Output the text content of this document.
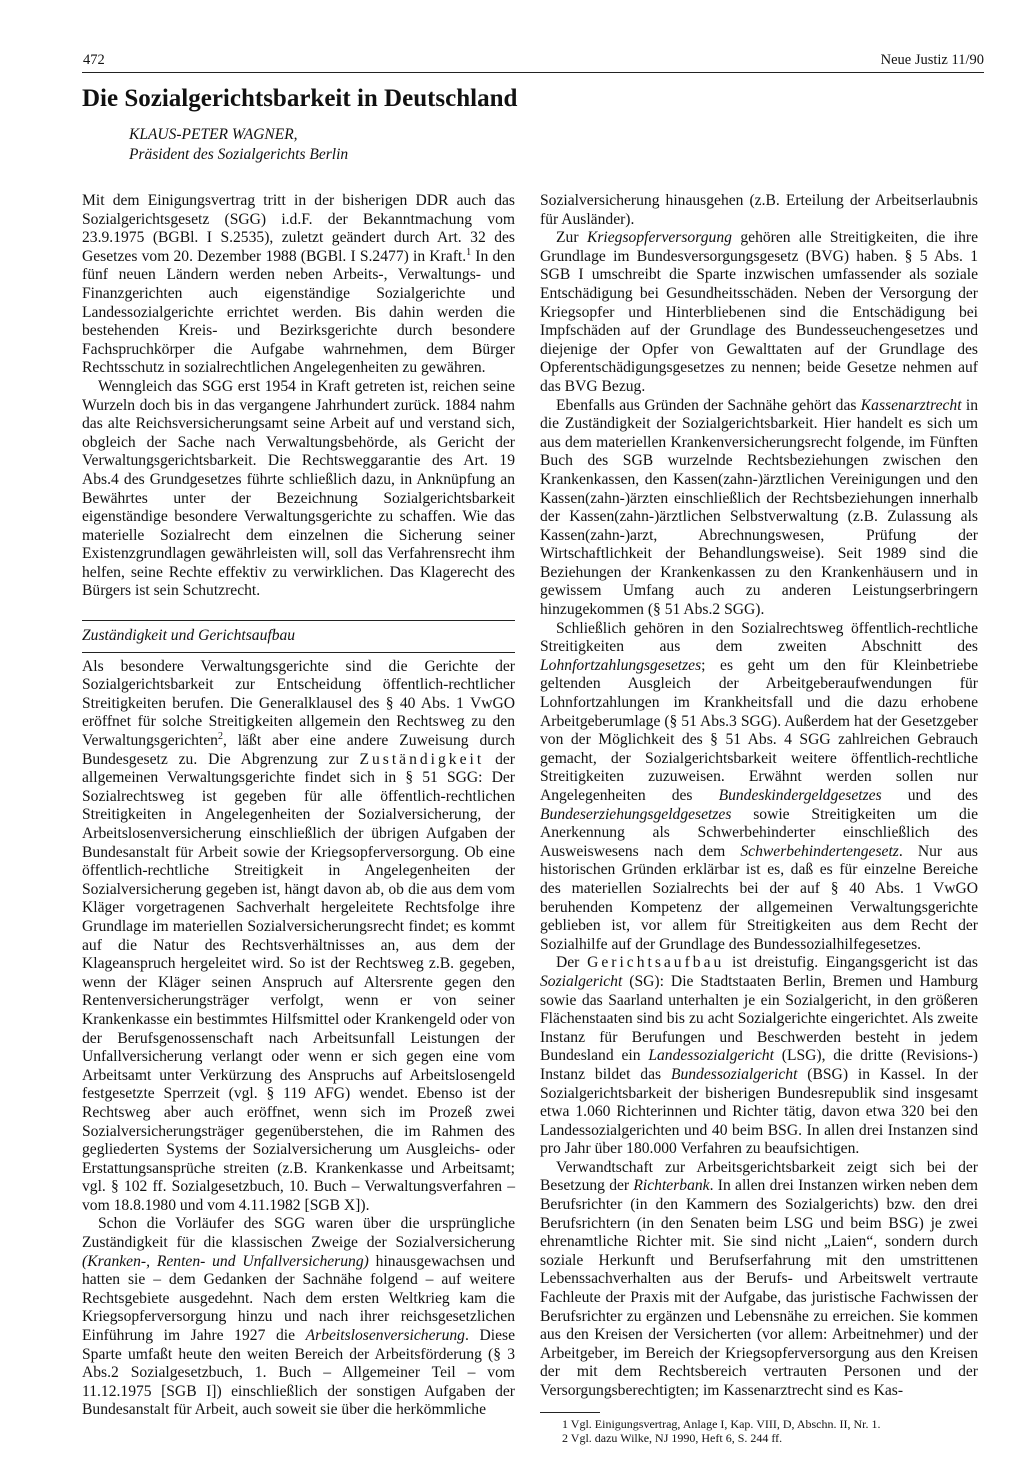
472	Neue Justiz 11/90
Die Sozialgerichtsbarkeit in Deutschland
KLAUS-PETER WAGNER,
Präsident des Sozialgerichts Berlin

Mit dem Einigungsvertrag tritt in der bisherigen DDR auch das Sozialgerichtsgesetz (SGG) i.d.F. der Bekanntmachung vom 23.9.1975 (BGBl. I S.2535), zuletzt geändert durch Art. 32 des Gesetzes vom 20. Dezember 1988 (BGBl. I S.2477) in Kraft.$^1$ In den fünf neuen Ländern werden neben Arbeits-, Verwaltungs- und Finanzgerichten auch eigenständige Sozialgerichte und Landessozialgerichte errichtet werden. Bis dahin werden die bestehenden Kreis- und Bezirksgerichte durch besondere Fachspruchkörper die Aufgabe wahrnehmen, dem Bürger Rechtsschutz in sozialrechtlichen Angelegenheiten zu gewähren.

Wenngleich das SGG erst 1954 in Kraft getreten ist, reichen seine Wurzeln doch bis in das vergangene Jahrhundert zurück. 1884 nahm das alte Reichsversicherungsamt seine Arbeit auf und verstand sich, obgleich der Sache nach Verwaltungsbehörde, als Gericht der Verwaltungsgerichtsbarkeit. Die Rechtsweggarantie des Art. 19 Abs.4 des Grundgesetzes führte schließlich dazu, in Anknüpfung an Bewährtes unter der Bezeichnung Sozialgerichtsbarkeit eigenständige besondere Verwaltungsgerichte zu schaffen. Wie das materielle Sozialrecht dem einzelnen die Sicherung seiner Existenzgrundlagen gewährleisten will, soll das Verfahrensrecht ihm helfen, seine Rechte effektiv zu verwirklichen. Das Klagerecht des Bürgers ist sein Schutzrecht.

Zuständigkeit und Gerichtsaufbau

Als besondere Verwaltungsgerichte sind die Gerichte der Sozialgerichtsbarkeit zur Entscheidung öffentlich-rechtlicher Streitigkeiten berufen. Die Generalklausel des § 40 Abs. 1 VwGO eröffnet für solche Streitigkeiten allgemein den Rechtsweg zu den Verwaltungsgerichten$^2$, läßt aber eine andere Zuweisung durch Bundesgesetz zu. Die Abgrenzung zur Zuständigkeit der allgemeinen Verwaltungsgerichte findet sich in § 51 SGG: Der Sozialrechtsweg ist gegeben für alle öffentlich-rechtlichen Streitigkeiten in Angelegenheiten der Sozialversicherung, der Arbeitslosenversicherung einschließlich der übrigen Aufgaben der Bundesanstalt für Arbeit sowie der Kriegsopferversorgung. Ob eine öffentlich-rechtliche Streitigkeit in Angelegenheiten der Sozialversicherung gegeben ist, hängt davon ab, ob die aus dem vom Kläger vorgetragenen Sachverhalt hergeleitete Rechtsfolge ihre Grundlage im materiellen Sozialversicherungsrecht findet; es kommt auf die Natur des Rechtsverhältnisses an, aus dem der Klageanspruch hergeleitet wird. So ist der Rechtsweg z.B. gegeben, wenn der Kläger seinen Anspruch auf Altersrente gegen den Rentenversicherungsträger verfolgt, wenn er von seiner Krankenkasse ein bestimmtes Hilfsmittel oder Krankengeld oder von der Berufsgenossenschaft nach Arbeitsunfall Leistungen der Unfallversicherung verlangt oder wenn er sich gegen eine vom Arbeitsamt unter Verkürzung des Anspruchs auf Arbeitslosengeld festgesetzte Sperrzeit (vgl. § 119 AFG) wendet. Ebenso ist der Rechtsweg aber auch eröffnet, wenn sich im Prozeß zwei Sozialversicherungsträger gegenüberstehen, die im Rahmen des gegliederten Systems der Sozialversicherung um Ausgleichs- oder Erstattungsansprüche streiten (z.B. Krankenkasse und Arbeitsamt; vgl. § 102 ff. Sozialgesetzbuch, 10. Buch – Verwaltungsverfahren – vom 18.8.1980 und vom 4.11.1982 [SGB X]).

Schon die Vorläufer des SGG waren über die ursprüngliche Zuständigkeit für die klassischen Zweige der Sozialversicherung (Kranken-, Renten- und Unfallversicherung) hinausgewachsen und hatten sie – dem Gedanken der Sachnähe folgend – auf weitere Rechtsgebiete ausgedehnt. Nach dem ersten Weltkrieg kam die Kriegsopferversorgung hinzu und nach ihrer reichsgesetzlichen Einführung im Jahre 1927 die Arbeitslosenversicherung. Diese Sparte umfaßt heute den weiten Bereich der Arbeitsförderung (§ 3 Abs.2 Sozialgesetzbuch, 1. Buch – Allgemeiner Teil – vom 11.12.1975 [SGB I]) einschließlich der sonstigen Aufgaben der Bundesanstalt für Arbeit, auch soweit sie über die herkömmliche

Sozialversicherung hinausgehen (z.B. Erteilung der Arbeitserlaubnis für Ausländer).

Zur Kriegsopferversorgung gehören alle Streitigkeiten, die ihre Grundlage im Bundesversorgungsgesetz (BVG) haben. § 5 Abs. 1 SGB I umschreibt die Sparte inzwischen umfassender als soziale Entschädigung bei Gesundheitsschäden. Neben der Versorgung der Kriegsopfer und Hinterbliebenen sind die Entschädigung bei Impfschäden auf der Grundlage des Bundesseuchengesetzes und diejenige der Opfer von Gewalttaten auf der Grundlage des Opferentschädigungsgesetzes zu nennen; beide Gesetze nehmen auf das BVG Bezug.

Ebenfalls aus Gründen der Sachnähe gehört das Kassenarztrecht in die Zuständigkeit der Sozialgerichtsbarkeit. Hier handelt es sich um aus dem materiellen Krankenversicherungsrecht folgende, im Fünften Buch des SGB wurzelnde Rechtsbeziehungen zwischen den Krankenkassen, den Kassen(zahn-)ärztlichen Vereinigungen und den Kassen(zahn-)ärzten einschließlich der Rechtsbeziehungen innerhalb der Kassen(zahn-)ärztlichen Selbstverwaltung (z.B. Zulassung als Kassen(zahn-)arzt, Abrechnungswesen, Prüfung der Wirtschaftlichkeit der Behandlungsweise). Seit 1989 sind die Beziehungen der Krankenkassen zu den Krankenhäusern und in gewissem Umfang auch zu anderen Leistungserbringern hinzugekommen (§ 51 Abs.2 SGG).

Schließlich gehören in den Sozialrechtsweg öffentlich-rechtliche Streitigkeiten aus dem zweiten Abschnitt des Lohnfortzahlungsgesetzes; es geht um den für Kleinbetriebe geltenden Ausgleich der Arbeitgeberaufwendungen für Lohnfortzahlungen im Krankheitsfall und die dazu erhobene Arbeitgeberumlage (§ 51 Abs.3 SGG). Außerdem hat der Gesetzgeber von der Möglichkeit des § 51 Abs. 4 SGG zahlreichen Gebrauch gemacht, der Sozialgerichtsbarkeit weitere öffentlich-rechtliche Streitigkeiten zuzuweisen. Erwähnt werden sollen nur Angelegenheiten des Bundeskindergeldgesetzes und des Bundeserziehungsgeldgesetzes sowie Streitigkeiten um die Anerkennung als Schwerbehinderter einschließlich des Ausweiswesens nach dem Schwerbehindertengesetz. Nur aus historischen Gründen erklärbar ist es, daß es für einzelne Bereiche des materiellen Sozialrechts bei der auf § 40 Abs. 1 VwGO beruhenden Kompetenz der allgemeinen Verwaltungsgerichte geblieben ist, vor allem für Streitigkeiten aus dem Recht der Sozialhilfe auf der Grundlage des Bundessozialhilfegesetzes.

Der Gerichtsaufbau ist dreistufig. Eingangsgericht ist das Sozialgericht (SG): Die Stadtstaaten Berlin, Bremen und Hamburg sowie das Saarland unterhalten je ein Sozialgericht, in den größeren Flächenstaaten sind bis zu acht Sozialgerichte eingerichtet. Als zweite Instanz für Berufungen und Beschwerden besteht in jedem Bundesland ein Landessozialgericht (LSG), die dritte (Revisions-) Instanz bildet das Bundessozialgericht (BSG) in Kassel. In der Sozialgerichtsbarkeit der bisherigen Bundesrepublik sind insgesamt etwa 1.060 Richterinnen und Richter tätig, davon etwa 320 bei den Landessozialgerichten und 40 beim BSG. In allen drei Instanzen sind pro Jahr über 180.000 Verfahren zu beaufsichtigen.

Verwandtschaft zur Arbeitsgerichtsbarkeit zeigt sich bei der Besetzung der Richterbank. In allen drei Instanzen wirken neben dem Berufsrichter (in den Kammern des Sozialgerichts) bzw. den drei Berufsrichtern (in den Senaten beim LSG und beim BSG) je zwei ehrenamtliche Richter mit. Sie sind nicht „Laien“, sondern durch soziale Herkunft und Berufserfahrung mit den umstrittenen Lebenssachverhalten aus der Berufs- und Arbeitswelt vertraute Fachleute der Praxis mit der Aufgabe, das juristische Fachwissen der Berufsrichter zu ergänzen und Lebensnähe zu erreichen. Sie kommen aus den Kreisen der Versicherten (vor allem: Arbeitnehmer) und der Arbeitgeber, im Bereich der Kriegsopferversorgung aus den Kreisen der mit dem Rechtsbereich vertrauten Personen und der Versorgungsberechtigten; im Kassenarztrecht sind es Kas-

1 Vgl. Einigungsvertrag, Anlage I, Kap. VIII, D, Abschn. II, Nr. 1.

2 Vgl. dazu Wilke, NJ 1990, Heft 6, S. 244 ff.
